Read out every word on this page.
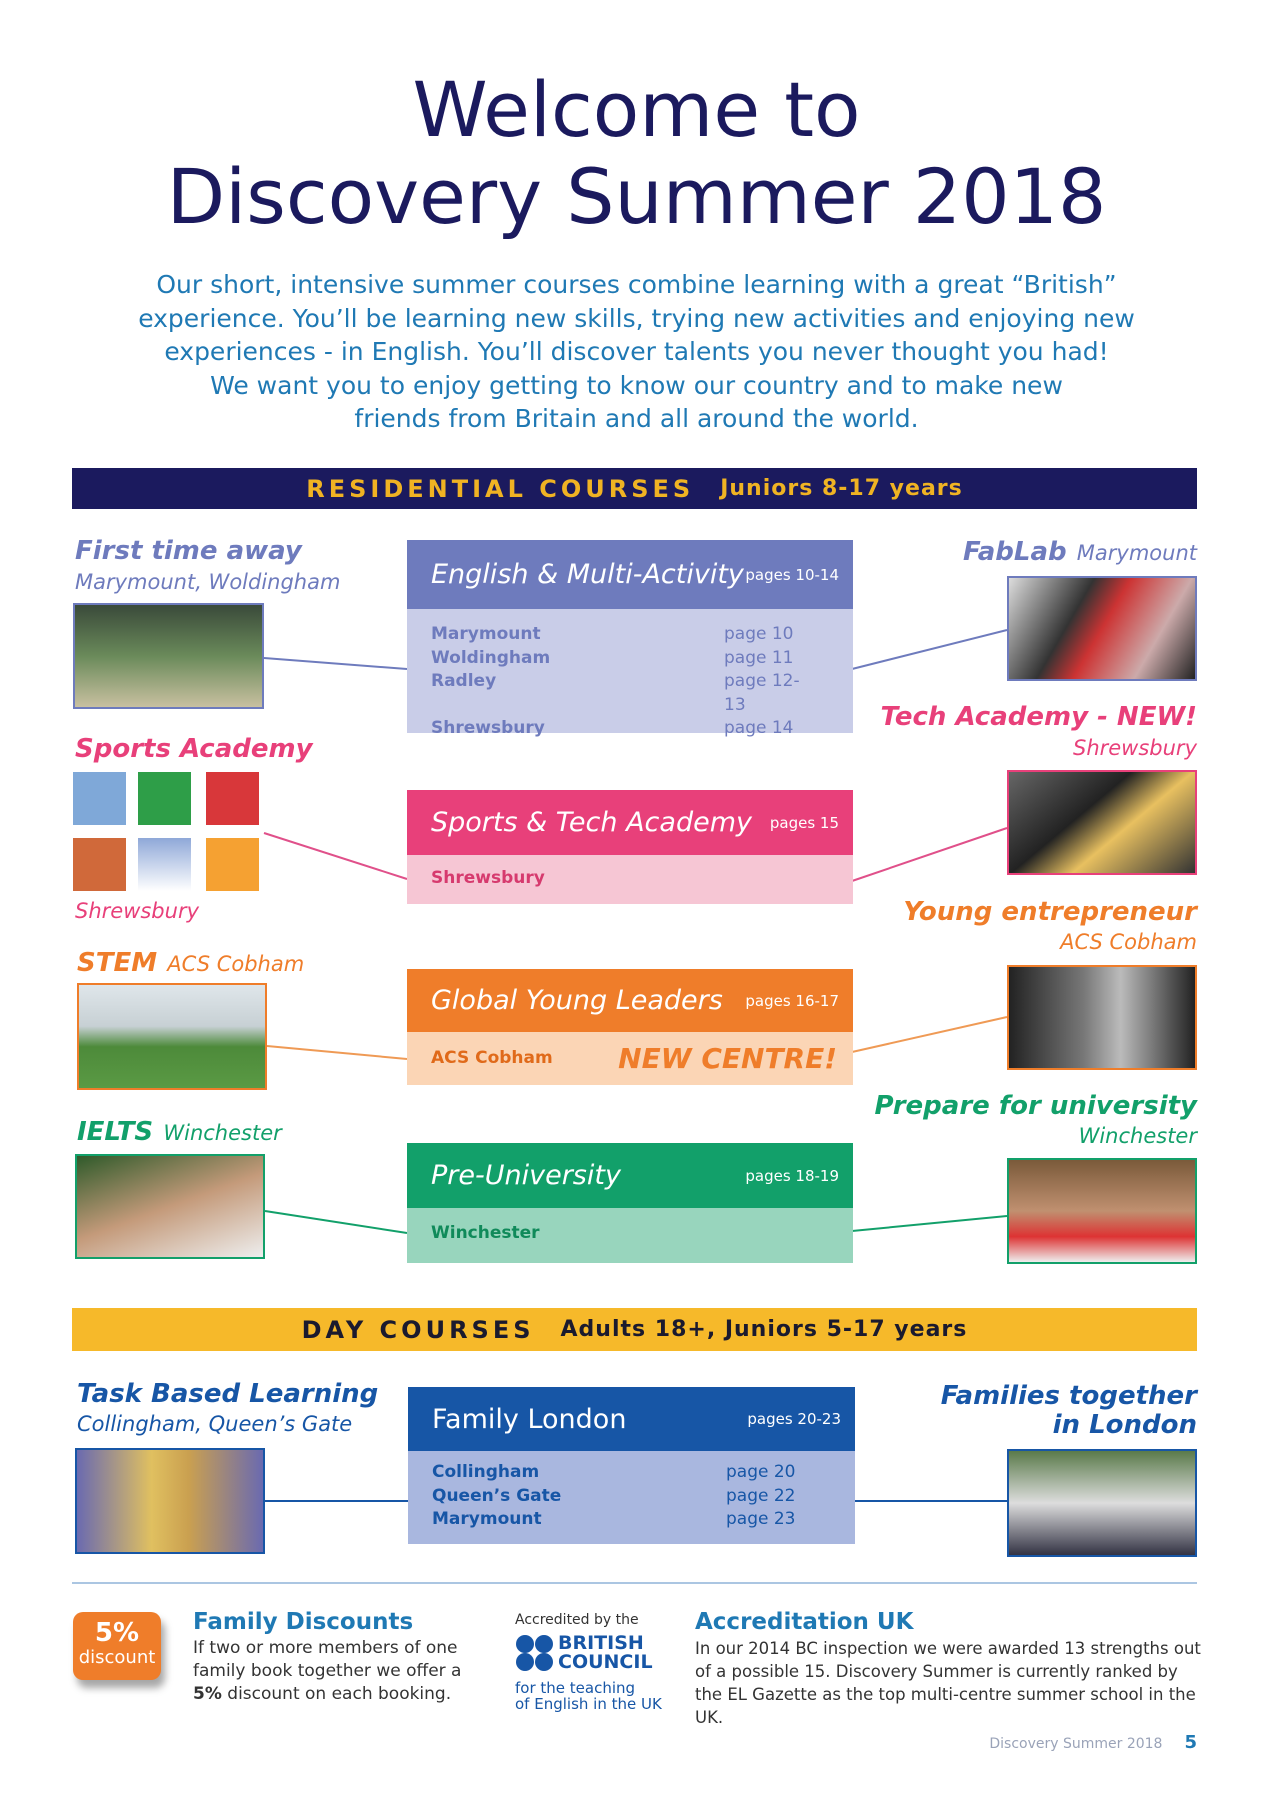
Welcome to
Discovery Summer 2018
Our short, intensive summer courses combine learning with a great “British”
experience. You’ll be learning new skills, trying new activities and enjoying new
experiences - in English. You’ll discover talents you never thought you had!
We want you to enjoy getting to know our country and to make new
friends from Britain and all around the world.
RESIDENTIAL COURSES Juniors 8-17 years
English & Multi-Activity pages 10-14
Marymount	page 10
Woldingham	page 11
Radley	page 12-13
Shrewsbury	page 14
Sports & Tech Academy pages 15
Shrewsbury
Global Young Leaders pages 16-17
ACS Cobham NEW CENTRE!
Pre-University	pages 18-19
Winchester
DAY COURSES Adults 18+, Juniors 5-17 years
Family London	pages 20-23
Collingham	page 20
Queen’s Gate	page 22
Marymount	page 23
First time away
Marymount, Woldingham
Sports Academy
Shrewsbury
STEM ACS Cobham
IELTS Winchester
Task Based Learning
Collingham, Queen’s Gate
FabLab Marymount
Tech Academy - NEW!
Shrewsbury
Young entrepreneur
ACS Cobham
Prepare for university
Winchester
Families together
in London
5%
discount
Family Discounts
If two or more members of one
family book together we offer a
5% discount on each booking.
Accredited by the
BRITISH
COUNCIL
for the teaching
of English in the UK
Accreditation UK
In our 2014 BC inspection we were awarded 13 strengths out of a possible 15. Discovery Summer is currently ranked by the EL Gazette as the top multi-centre summer school in the UK.
Discovery Summer 2018 5
